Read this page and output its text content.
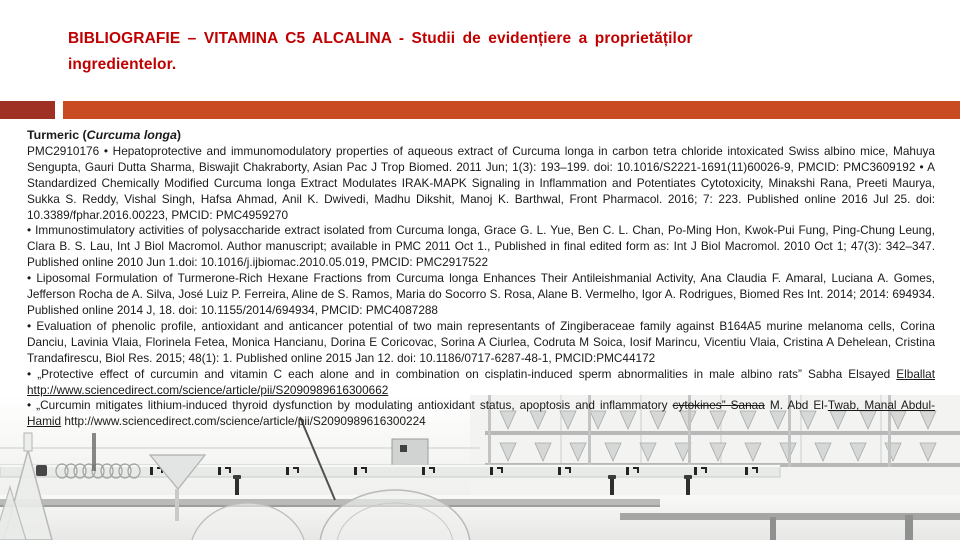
BIBLIOGRAFIE – VITAMINA C5 ALCALINA - Studii de evidențiere a proprietăților ingredientelor.

Turmeric (Curcuma longa)

PMC2910176 • Hepatoprotective and immunomodulatory properties of aqueous extract of Curcuma longa in carbon tetra chloride intoxicated Swiss albino mice, Mahuya Sengupta, Gauri Dutta Sharma, Biswajit Chakraborty, Asian Pac J Trop Biomed. 2011 Jun; 1(3): 193–199. doi: 10.1016/S2221-1691(11)60026-9, PMCID: PMC3609192 • A Standardized Chemically Modified Curcuma longa Extract Modulates IRAK-MAPK Signaling in Inflammation and Potentiates Cytotoxicity, Minakshi Rana, Preeti Maurya, Sukka S. Reddy, Vishal Singh, Hafsa Ahmad, Anil K. Dwivedi, Madhu Dikshit, Manoj K. Barthwal, Front Pharmacol. 2016; 7: 223. Published online 2016 Jul 25. doi: 10.3389/fphar.2016.00223, PMCID: PMC4959270

• Immunostimulatory activities of polysaccharide extract isolated from Curcuma longa, Grace G. L. Yue, Ben C. L. Chan, Po-Ming Hon, Kwok-Pui Fung, Ping-Chung Leung, Clara B. S. Lau, Int J Biol Macromol. Author manuscript; available in PMC 2011 Oct 1., Published in final edited form as: Int J Biol Macromol. 2010 Oct 1; 47(3): 342–347. Published online 2010 Jun 1.doi: 10.1016/j.ijbiomac.2010.05.019, PMCID: PMC2917522

• Liposomal Formulation of Turmerone-Rich Hexane Fractions from Curcuma longa Enhances Their Antileishmanial Activity, Ana Claudia F. Amaral, Luciana A. Gomes, Jefferson Rocha de A. Silva, José Luiz P. Ferreira, Aline de S. Ramos, Maria do Socorro S. Rosa, Alane B. Vermelho, Igor A. Rodrigues, Biomed Res Int. 2014; 2014: 694934. Published online 2014 J, 18. doi: 10.1155/2014/694934, PMCID: PMC4087288

• Evaluation of phenolic profile, antioxidant and anticancer potential of two main representants of Zingiberaceae family against B164A5 murine melanoma cells, Corina Danciu, Lavinia Vlaia, Florinela Fetea, Monica Hancianu, Dorina E Coricovac, Sorina A Ciurlea, Codruta M Soica, Iosif Marincu, Vicentiu Vlaia, Cristina A Dehelean, Cristina Trandafirescu, Biol Res. 2015; 48(1): 1. Published online 2015 Jan 12. doi: 10.1186/0717-6287-48-1, PMCID:PMC44172

• „Protective effect of curcumin and vitamin C each alone and in combination on cisplatin-induced sperm abnormalities in male albino rats” Sabha Elsayed Elballat http://www.sciencedirect.com/science/article/pii/S2090989616300662

• „Curcumin mitigates lithium-induced thyroid dysfunction by modulating antioxidant status, apoptosis and inflammatory cytokines” Sanaa M. Abd El-Twab, Manal Abdul-Hamid http://www.sciencedirect.com/science/article/pii/S2090989616300224
